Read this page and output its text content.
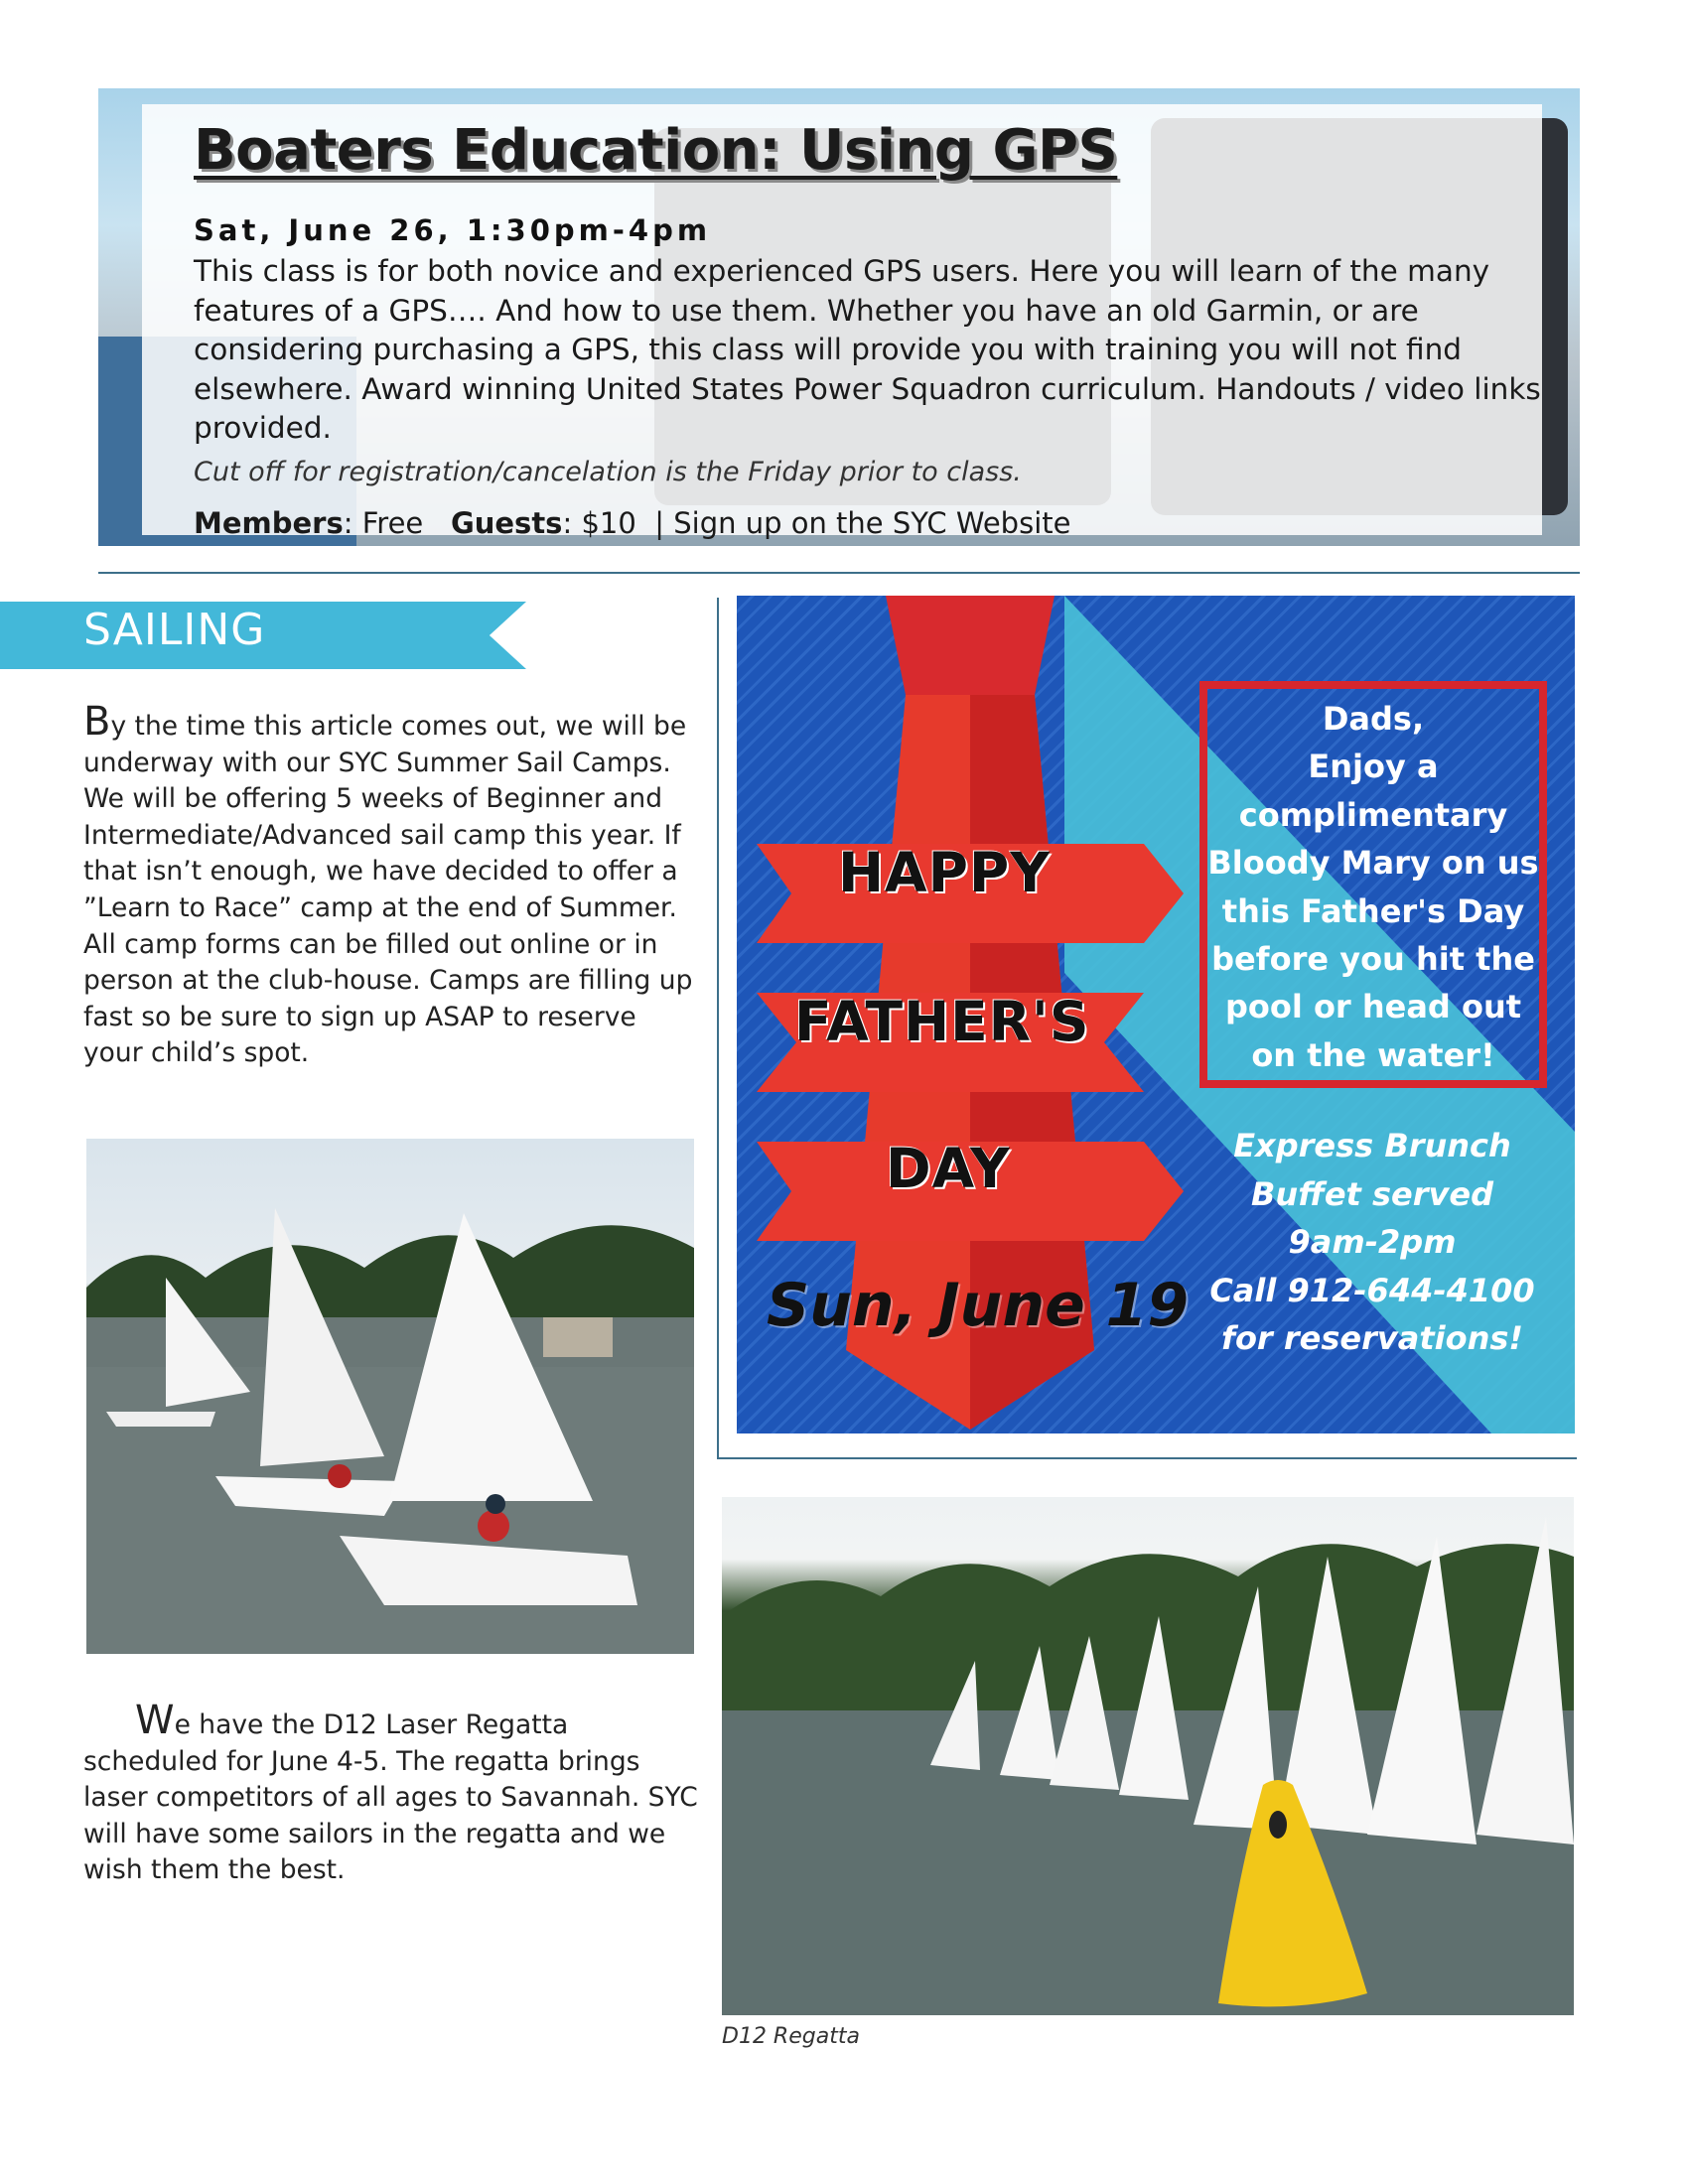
Boaters Education: Using GPS
Sat, June 26, 1:30pm-4pm
This class is for both novice and experienced GPS users. Here you will learn of the many features of a GPS…. And how to use them. Whether you have an old Garmin, or are considering purchasing a GPS, this class will provide you with training you will not find elsewhere. Award winning United States Power Squadron curriculum. Handouts / video links provided.
Cut off for registration/cancelation is the Friday prior to class.
Members: Free Guests: $10 | Sign up on the SYC Website
SAILING

By the time this article comes out, we will be underway with our SYC Summer Sail Camps. We will be offering 5 weeks of Beginner and Intermediate/Advanced sail camp this year. If that isn’t enough, we have decided to offer a ”Learn to Race” camp at the end of Summer. All camp forms can be filled out online or in person at the club-house. Camps are filling up fast so be sure to sign up ASAP to reserve your child’s spot.

We have the D12 Laser Regatta scheduled for June 4-5. The regatta brings laser competitors of all ages to Savannah. SYC will have some sailors in the regatta and we wish them the best.

HAPPY
FATHER'S
DAY
Sun, June 19
Dads,
Enjoy a
complimentary
Bloody Mary on us
this Father's Day
before you hit the
pool or head out
on the water!
Express Brunch
Buffet served
9am-2pm
Call 912-644-4100
for reservations!
D12 Regatta
